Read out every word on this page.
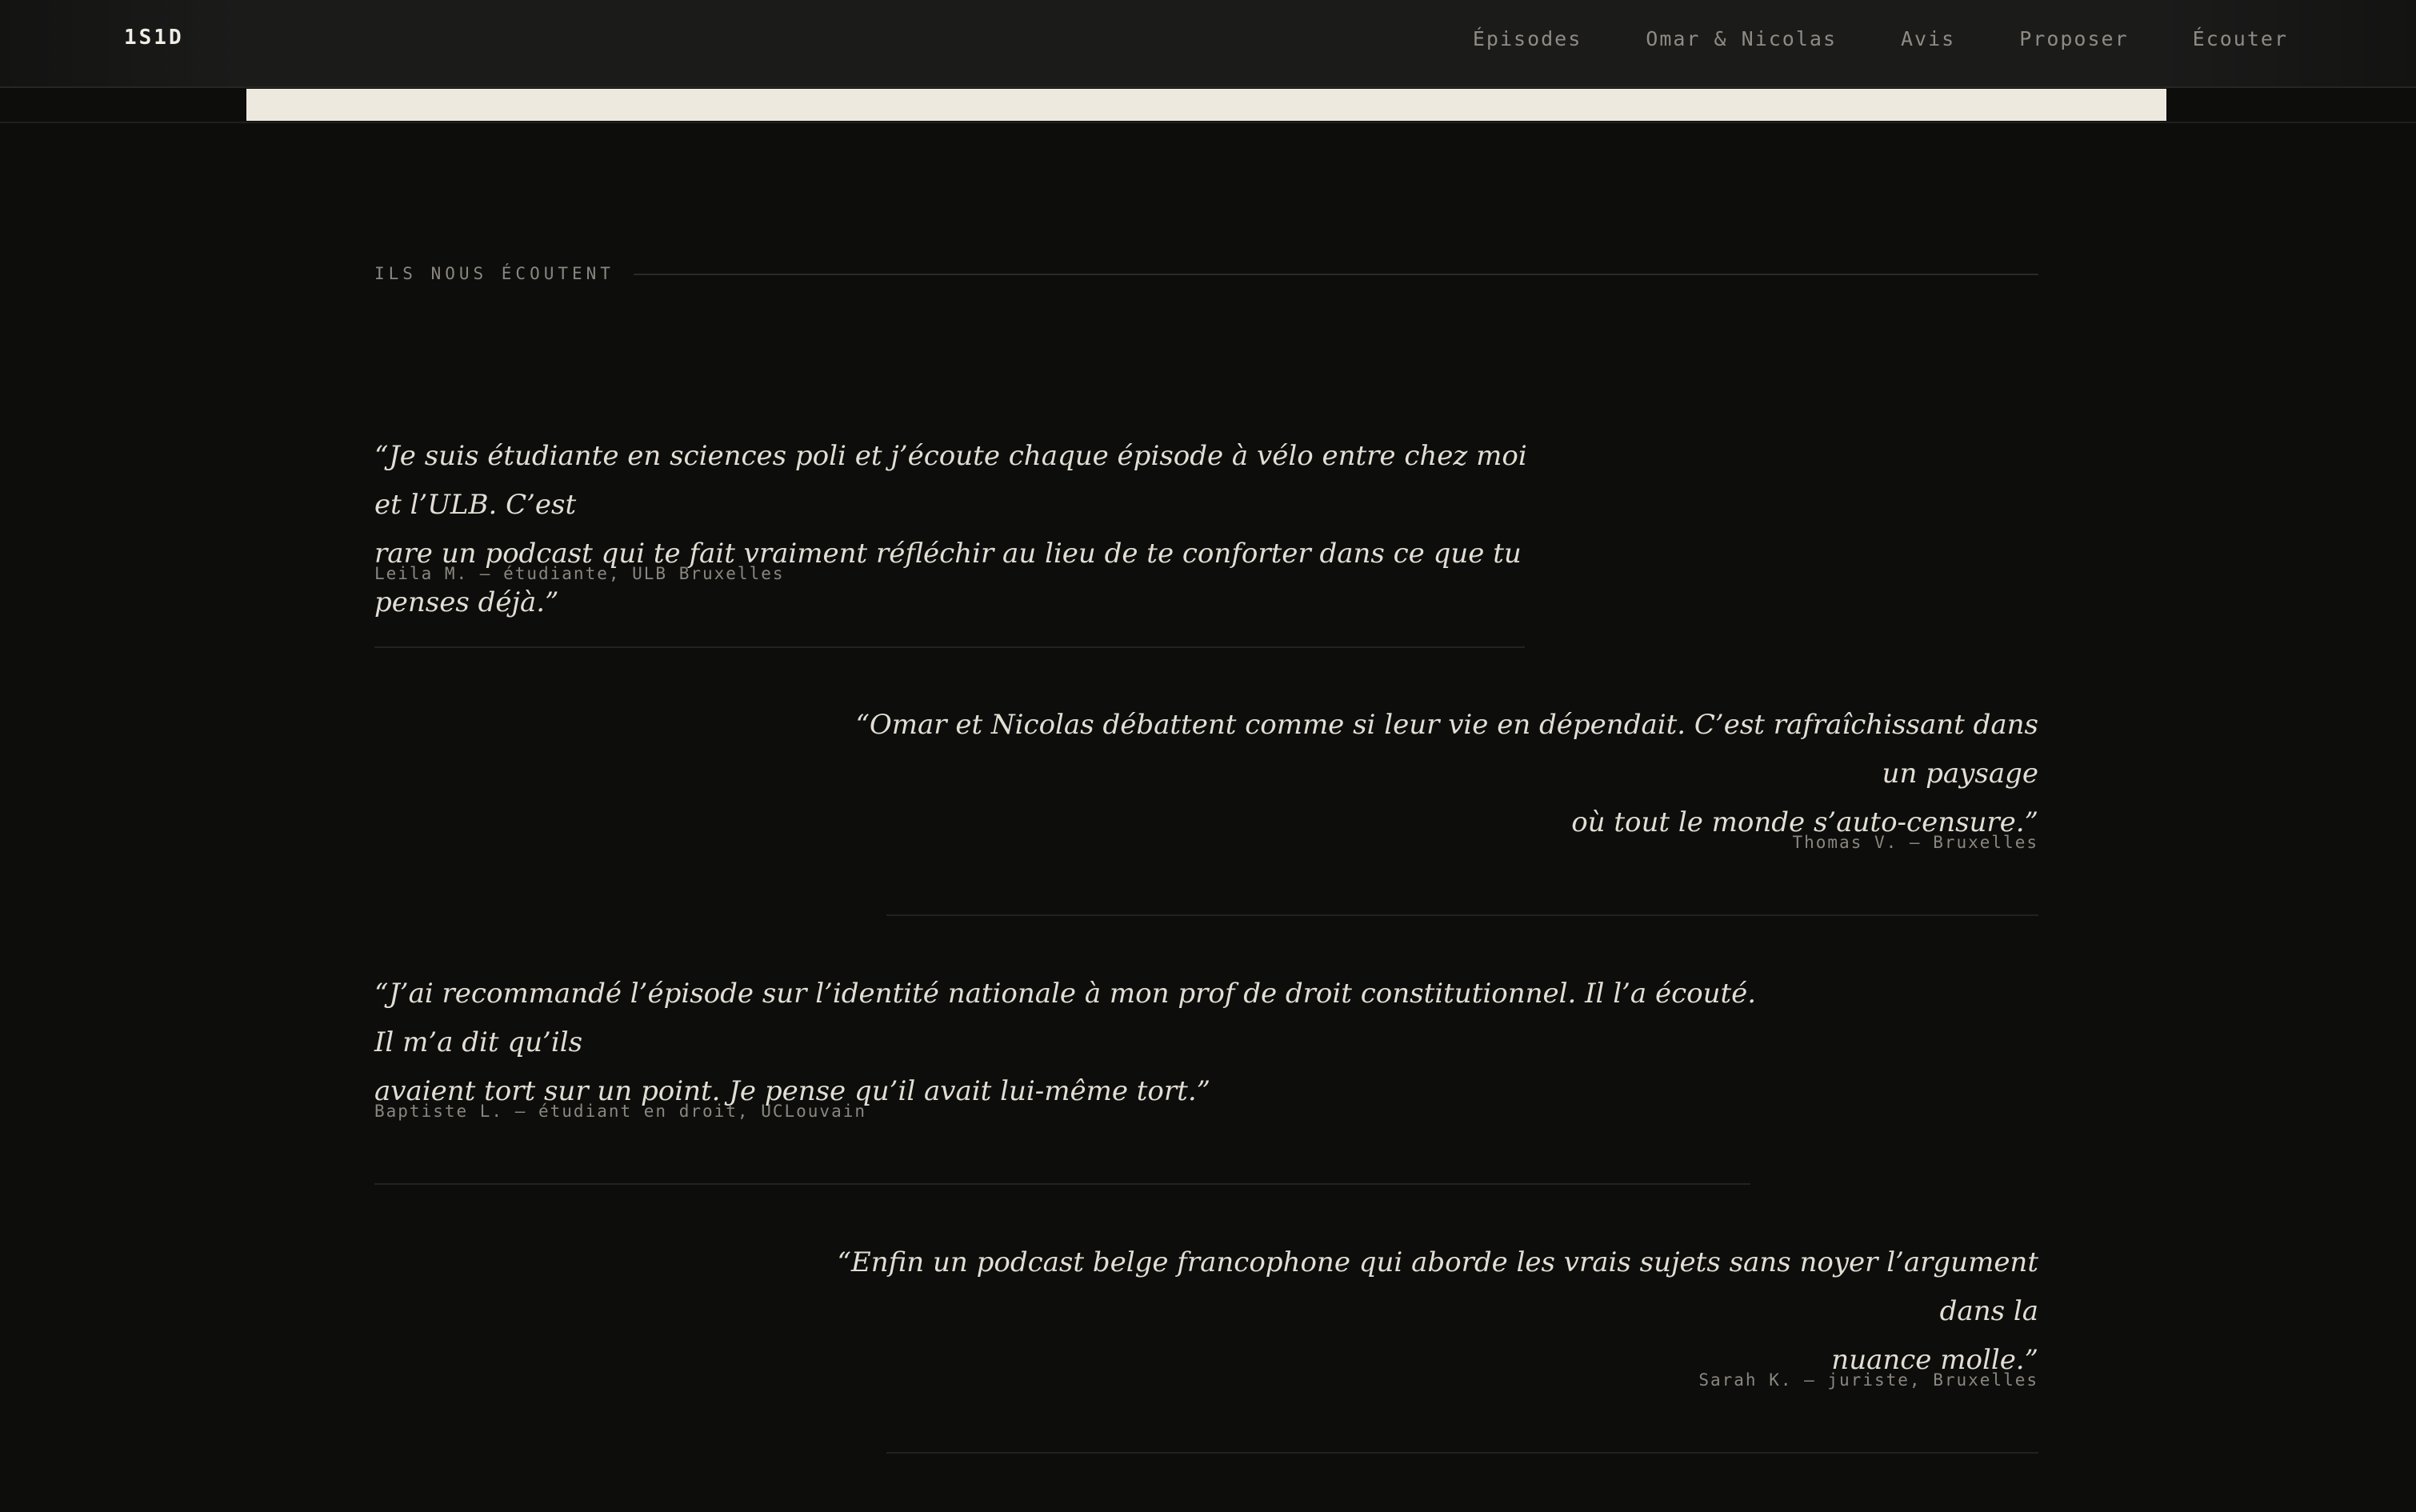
1S1D	Épisodes	Omar & Nicolas	Avis	Proposer	Écouter
ILS NOUS ÉCOUTENT

“Je suis étudiante en sciences poli et j’écoute chaque épisode à vélo entre chez moi et l’ULB. C’est
rare un podcast qui te fait vraiment réfléchir au lieu de te conforter dans ce que tu penses déjà.”

Leila M. — étudiante, ULB Bruxelles

“Omar et Nicolas débattent comme si leur vie en dépendait. C’est rafraîchissant dans un paysage
où tout le monde s’auto-censure.”

Thomas V. — Bruxelles

“J’ai recommandé l’épisode sur l’identité nationale à mon prof de droit constitutionnel. Il l’a écouté. Il m’a dit qu’ils
avaient tort sur un point. Je pense qu’il avait lui-même tort.”

Baptiste L. — étudiant en droit, UCLouvain

“Enfin un podcast belge francophone qui aborde les vrais sujets sans noyer l’argument dans la
nuance molle.”

Sarah K. — juriste, Bruxelles
